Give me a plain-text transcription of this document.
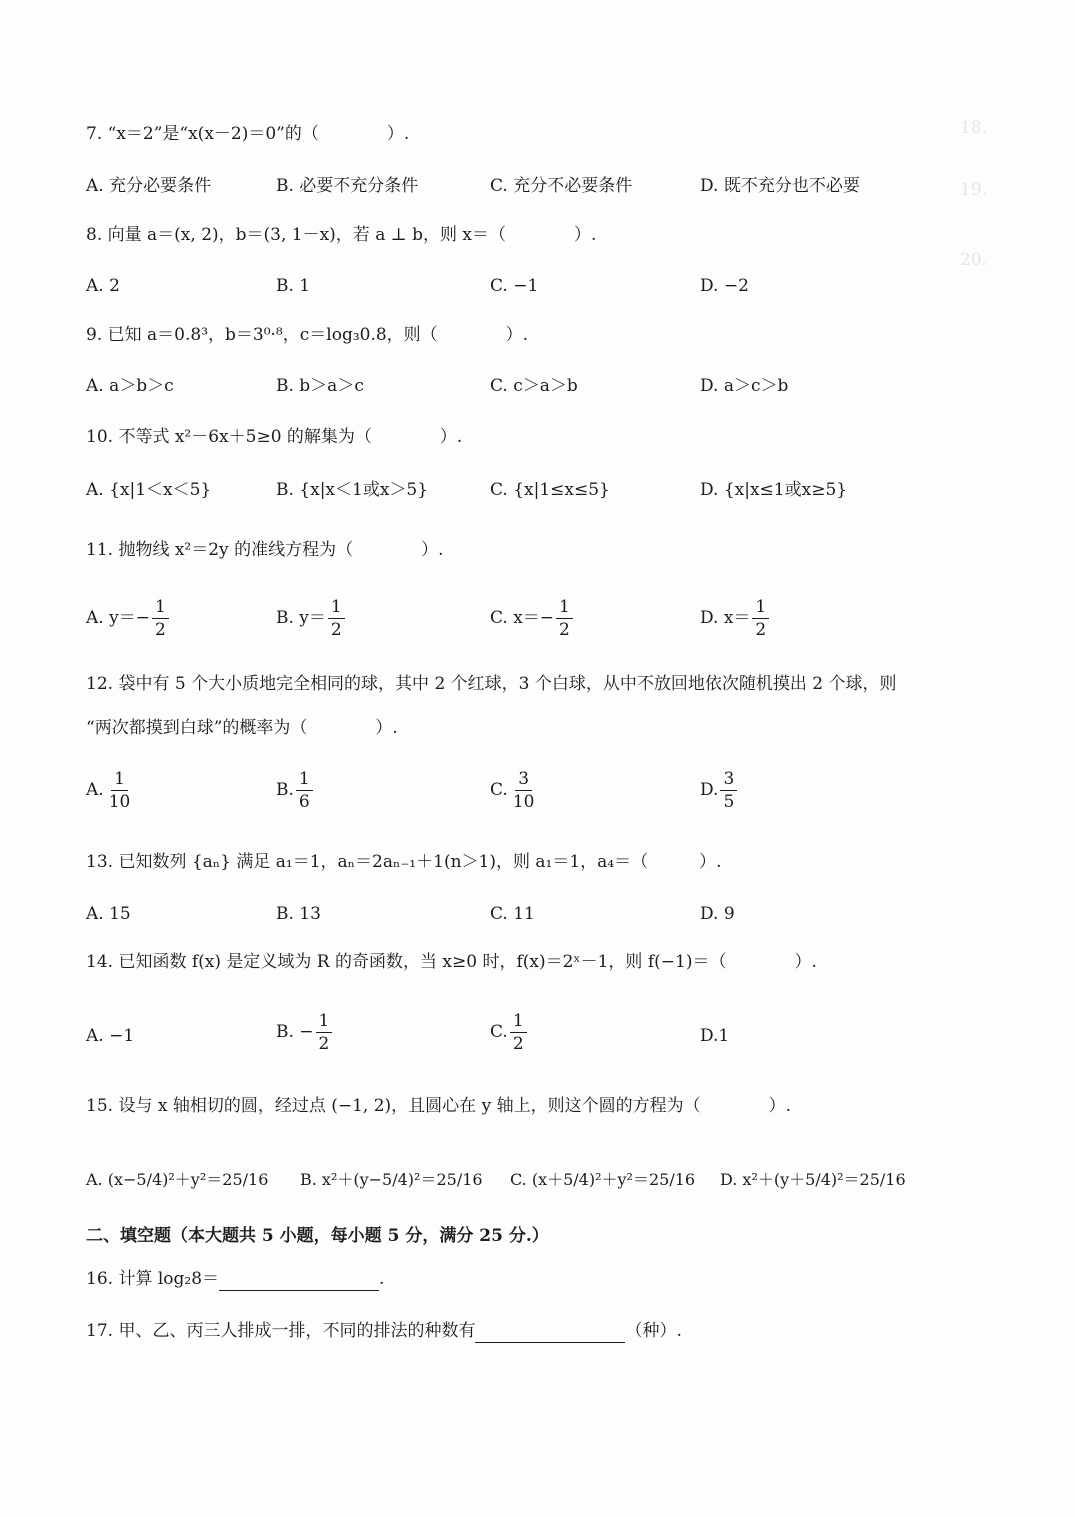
18.
19.
20.
7. “x＝2”是“x(x－2)＝0”的（　　　　）.
A. 充分必要条件	B. 必要不充分条件	C. 充分不必要条件	D. 既不充分也不必要
8. 向量 a＝(x, 2)，b＝(3, 1－x)，若 a ⊥ b，则 x＝（　　　　）.
A. 2	B. 1	C. −1	D. −2
9. 已知 a＝0.8³，b＝3⁰·⁸，c＝log₃0.8，则（　　　　）.
A. a＞b＞c	B. b＞a＞c	C. c＞a＞b	D. a＞c＞b
10. 不等式 x²－6x＋5≥0 的解集为（　　　　）.
A. {x|1＜x＜5}	B. {x|x＜1或x＞5}	C. {x|1≤x≤5}	D. {x|x≤1或x≥5}
11. 抛物线 x²＝2y 的准线方程为（　　　　）.
A. $y=- \frac{1}{2}$	B. $y= \frac{1}{2}$	C. $x=- \frac{1}{2}$	D. $x= \frac{1}{2}$
12. 袋中有 5 个大小质地完全相同的球，其中 2 个红球，3 个白球，从中不放回地依次随机摸出 2 个球，则
“两次都摸到白球”的概率为（　　　　）.
A. $\frac{1}{10}$	B. $\frac{1}{6}$	C. $\frac{3}{10}$	D. $\frac{3}{5}$
13. 已知数列 {aₙ} 满足 a₁＝1，aₙ＝2aₙ₋₁＋1(n＞1)，则 a₁＝1，a₄＝（　　　）.
A. 15	B. 13	C. 11	D. 9
14. 已知函数 f(x) 是定义域为 R 的奇函数，当 x≥0 时，f(x)＝2ˣ－1，则 f(−1)＝（　　　　）.
A. −1	B. − $\frac{1}{2}$	C. $\frac{1}{2}$	D.1
15. 设与 x 轴相切的圆，经过点 (−1, 2)，且圆心在 y 轴上，则这个圆的方程为（　　　　）.
A. (x−5/4)²＋y²＝25/16 B. x²＋(y−5/4)²＝25/16 C. (x＋5/4)²＋y²＝25/16 D. x²＋(y＋5/4)²＝25/16
二、填空题（本大题共 5 小题，每小题 5 分，满分 25 分.）
16. 计算 log₂8＝	.
17. 甲、乙、丙三人排成一排，不同的排法的种数有	（种）.
